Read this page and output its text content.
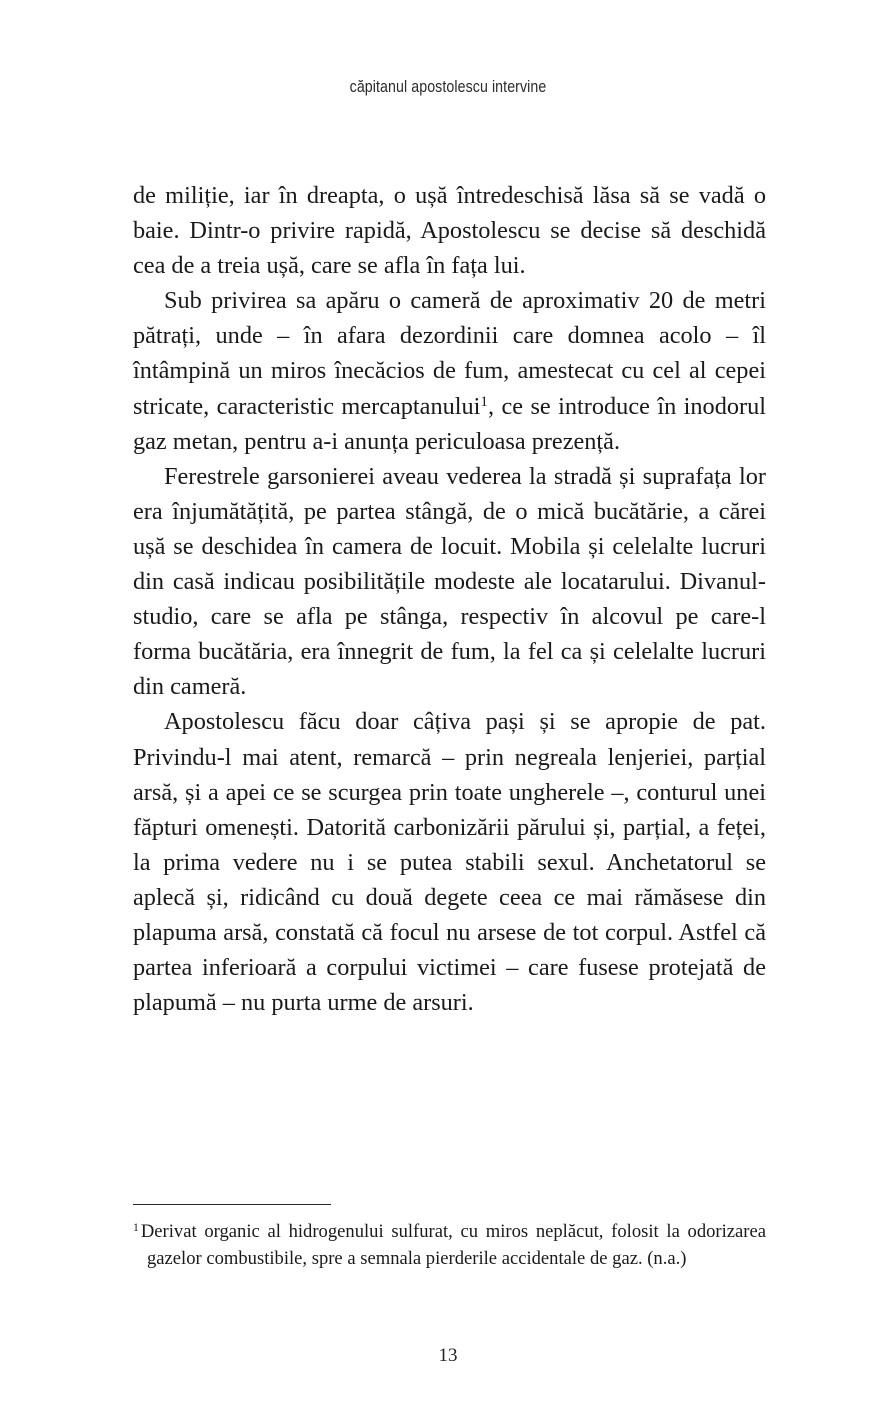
căpitanul apostolescu intervine

de miliție, iar în dreapta, o ușă întredeschisă lăsa să se vadă o baie. Dintr-o privire rapidă, Apostolescu se decise să deschidă cea de a treia ușă, care se afla în fața lui.

Sub privirea sa apăru o cameră de aproximativ 20 de metri pătrați, unde – în afara dezordinii care domnea acolo – îl întâmpină un miros înecăcios de fum, amestecat cu cel al cepei stricate, caracteristic mercaptanului$^1$, ce se introduce în inodorul gaz metan, pentru a-i anunța periculoasa prezență.

Ferestrele garsonierei aveau vederea la stradă și suprafața lor era înjumătățită, pe partea stângă, de o mică bucătărie, a cărei ușă se deschidea în camera de locuit. Mobila și celelalte lucruri din casă indicau posibilitățile modeste ale locatarului. Divanul-studio, care se afla pe stânga, respectiv în alcovul pe care-l forma bucătăria, era înnegrit de fum, la fel ca și celelalte lucruri din cameră.

Apostolescu făcu doar câțiva pași și se apropie de pat. Privindu-l mai atent, remarcă – prin negreala lenjeriei, parțial arsă, și a apei ce se scurgea prin toate ungherele –, conturul unei făpturi omenești. Datorită carbonizării părului și, parțial, a feței, la prima vedere nu i se putea stabili sexul. Anchetatorul se aplecă și, ridicând cu două degete ceea ce mai rămăsese din plapuma arsă, constată că focul nu arsese de tot corpul. Astfel că partea inferioară a corpului victimei – care fusese protejată de plapumă – nu purta urme de arsuri.

$^1$ Derivat organic al hidrogenului sulfurat, cu miros neplăcut, folosit la odorizarea gazelor combustibile, spre a semnala pierderile accidentale de gaz. (n.a.)

13
